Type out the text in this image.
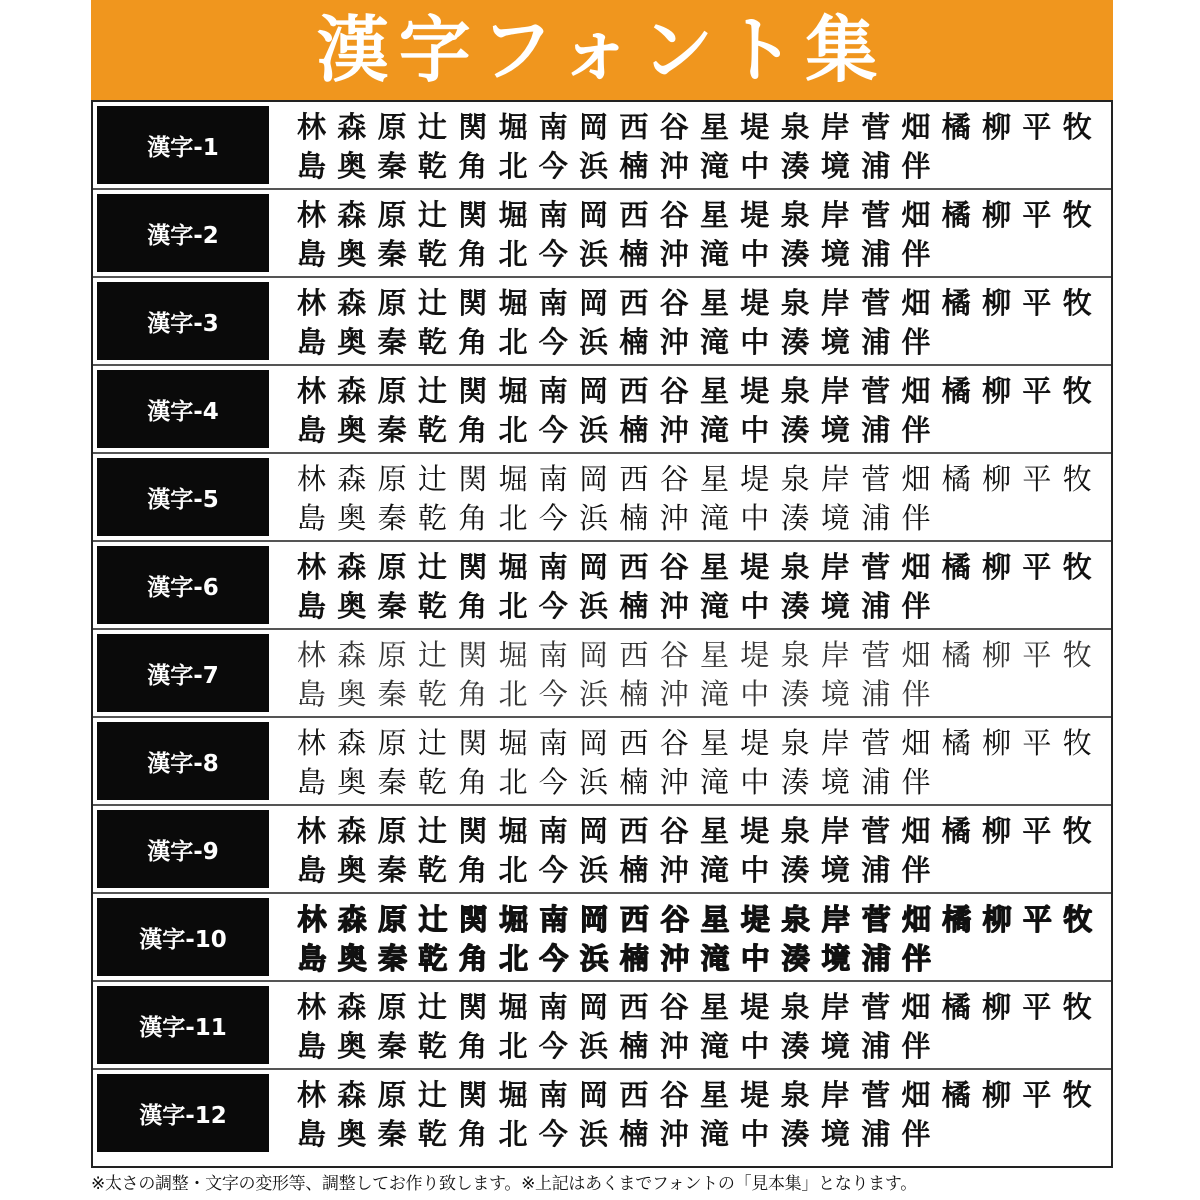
漢字フォント集
漢字-1
林森原辻関堀南岡西谷星堤泉岸菅畑橘柳平牧
島奥秦乾角北今浜楠沖滝中湊境浦伴
漢字-2
林森原辻関堀南岡西谷星堤泉岸菅畑橘柳平牧
島奥秦乾角北今浜楠沖滝中湊境浦伴
漢字-3
林森原辻関堀南岡西谷星堤泉岸菅畑橘柳平牧
島奥秦乾角北今浜楠沖滝中湊境浦伴
漢字-4
林森原辻関堀南岡西谷星堤泉岸菅畑橘柳平牧
島奥秦乾角北今浜楠沖滝中湊境浦伴
漢字-5
林森原辻関堀南岡西谷星堤泉岸菅畑橘柳平牧
島奥秦乾角北今浜楠沖滝中湊境浦伴
漢字-6
林森原辻関堀南岡西谷星堤泉岸菅畑橘柳平牧
島奥秦乾角北今浜楠沖滝中湊境浦伴
漢字-7
林森原辻関堀南岡西谷星堤泉岸菅畑橘柳平牧
島奥秦乾角北今浜楠沖滝中湊境浦伴
漢字-8
林森原辻関堀南岡西谷星堤泉岸菅畑橘柳平牧
島奥秦乾角北今浜楠沖滝中湊境浦伴
漢字-9
林森原辻関堀南岡西谷星堤泉岸菅畑橘柳平牧
島奥秦乾角北今浜楠沖滝中湊境浦伴
漢字-10
林森原辻関堀南岡西谷星堤泉岸菅畑橘柳平牧
島奥秦乾角北今浜楠沖滝中湊境浦伴
漢字-11
林森原辻関堀南岡西谷星堤泉岸菅畑橘柳平牧
島奥秦乾角北今浜楠沖滝中湊境浦伴
漢字-12
林森原辻関堀南岡西谷星堤泉岸菅畑橘柳平牧
島奥秦乾角北今浜楠沖滝中湊境浦伴
※太さの調整・文字の変形等、調整してお作り致します。※上記はあくまでフォントの「見本集」となります。
